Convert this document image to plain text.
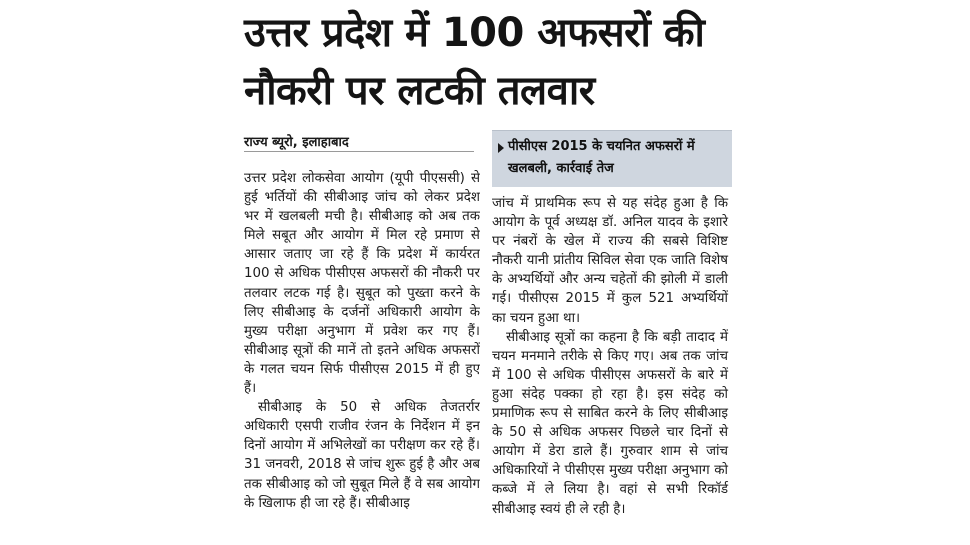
उत्तर प्रदेश में 100 अफसरों की
नौकरी पर लटकी तलवार
राज्य ब्यूरो, इलाहाबाद	पीसीएस 2015 के चयनित अफसरों में खलबली, कार्रवाई तेज

उत्तर प्रदेश लोकसेवा आयोग (यूपी पीएससी) से हुई भर्तियों की सीबीआइ जांच को लेकर प्रदेश भर में खलबली मची है। सीबीआइ को अब तक मिले सबूत और आयोग में मिल रहे प्रमाण से आसार जताए जा रहे हैं कि प्रदेश में कार्यरत 100 से अधिक पीसीएस अफसरों की नौकरी पर तलवार लटक गई है। सुबूत को पुख्ता करने के लिए सीबीआइ के दर्जनों अधिकारी आयोग के मुख्य परीक्षा अनुभाग में प्रवेश कर गए हैं। सीबीआइ सूत्रों की मानें तो इतने अधिक अफसरों के गलत चयन सिर्फ पीसीएस 2015 में ही हुए हैं।

सीबीआइ के 50 से अधिक तेजतर्रार अधिकारी एसपी राजीव रंजन के निर्देशन में इन दिनों आयोग में अभिलेखों का परीक्षण कर रहे हैं। 31 जनवरी, 2018 से जांच शुरू हुई है और अब तक सीबीआइ को जो सुबूत मिले हैं वे सब आयोग के खिलाफ ही जा रहे हैं। सीबीआइ

जांच में प्राथमिक रूप से यह संदेह हुआ है कि आयोग के पूर्व अध्यक्ष डॉ. अनिल यादव के इशारे पर नंबरों के खेल में राज्य की सबसे विशिष्ट नौकरी यानी प्रांतीय सिविल सेवा एक जाति विशेष के अभ्यर्थियों और अन्य चहेतों की झोली में डाली गई। पीसीएस 2015 में कुल 521 अभ्यर्थियों का चयन हुआ था।

सीबीआइ सूत्रों का कहना है कि बड़ी तादाद में चयन मनमाने तरीके से किए गए। अब तक जांच में 100 से अधिक पीसीएस अफसरों के बारे में हुआ संदेह पक्का हो रहा है। इस संदेह को प्रमाणिक रूप से साबित करने के लिए सीबीआइ के 50 से अधिक अफसर पिछले चार दिनों से आयोग में डेरा डाले हैं। गुरुवार शाम से जांच अधिकारियों ने पीसीएस मुख्य परीक्षा अनुभाग को कब्जे में ले लिया है। वहां से सभी रिकॉर्ड सीबीआइ स्वयं ही ले रही है।
